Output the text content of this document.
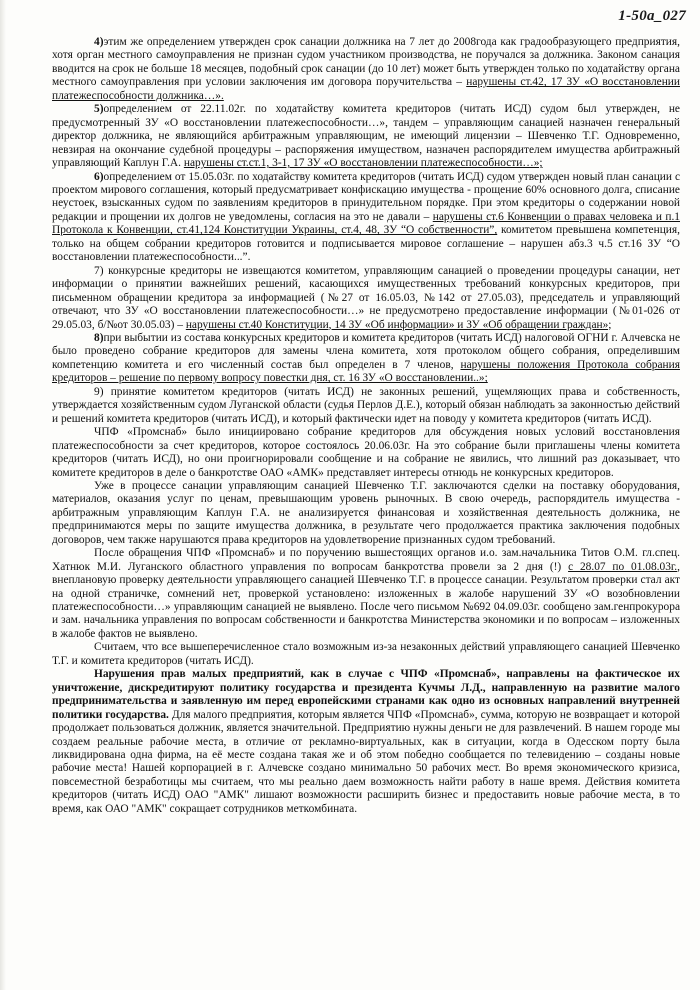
1-50a_027

4)этим же определением утвержден срок санации должника на 7 лет до 2008года как градообразующего предприятия, хотя орган местного самоуправления не признан судом участником производства, не поручался за должника. Законом санация вводится на срок не больше 18 месяцев, подобный срок санации (до 10 лет) может быть утвержден только по ходатайству органа местного самоуправления при условии заключения им договора поручительства – нарушены ст.42, 17 ЗУ «О восстановлении платежеспособности должника…».

5)определением от 22.11.02г. по ходатайству комитета кредиторов (читать ИСД) судом был утвержден, не предусмотренный ЗУ «О восстановлении платежеспособности…», тандем – управляющим санацией назначен генеральный директор должника, не являющийся арбитражным управляющим, не имеющий лицензии – Шевченко Т.Г. Одновременно, невзирая на окончание судебной процедуры – распоряжения имуществом, назначен распорядителем имущества арбитражный управляющий Каплун Г.А. нарушены ст.ст.1, 3-1, 17 ЗУ «О восстановлении платежеспособности…»;

6)определением от 15.05.03г. по ходатайству комитета кредиторов (читать ИСД) судом утвержден новый план санации с проектом мирового соглашения, который предусматривает конфискацию имущества - прощение 60% основного долга, списание неустоек, взысканных судом по заявлениям кредиторов в принудительном порядке. При этом кредиторы о содержании новой редакции и прощении их долгов не уведомлены, согласия на это не давали – нарушены ст.6 Конвенции о правах человека и п.1 Протокола к Конвенции, ст.41,124 Конституции Украины, ст.4, 48, ЗУ “О собственности”, комитетом превышена компетенция, только на общем собрании кредиторов готовится и подписывается мировое соглашение – нарушен абз.3 ч.5 ст.16 ЗУ “О восстановлении платежеспособности...”.

7) конкурсные кредиторы не извещаются комитетом, управляющим санацией о проведении процедуры санации, нет информации о принятии важнейших решений, касающихся имущественных требований конкурсных кредиторов, при письменном обращении кредитора за информацией (№27 от 16.05.03, №142 от 27.05.03), председатель и управляющий отвечают, что ЗУ «О восстановлении платежеспособности…» не предусмотрено предоставление информации (№01-026 от 29.05.03, б/№от 30.05.03) – нарушены ст.40 Конституции, 14 ЗУ «Об информации» и ЗУ «Об обращении граждан»;

8)при выбытии из состава конкурсных кредиторов и комитета кредиторов (читать ИСД) налоговой ОГНИ г. Алчевска не было проведено собрание кредиторов для замены члена комитета, хотя протоколом общего собрания, определившим компетенцию комитета и его численный состав был определен в 7 членов, нарушены положения Протокола собрания кредиторов – решение по первому вопросу повестки дня, ст. 16 ЗУ «О восстановлении..»;

9) принятие комитетом кредиторов (читать ИСД) не законных решений, ущемляющих права и собственность, утверждается хозяйственным судом Луганской области (судья Перлов Д.Е.), который обязан наблюдать за законностью действий и решений комитета кредиторов (читать ИСД), и который фактически идет на поводу у комитета кредиторов (читать ИСД).

ЧПФ «Промснаб» было инициировано собрание кредиторов для обсуждения новых условий восстановления платежеспособности за счет кредиторов, которое состоялось 20.06.03г. На это собрание были приглашены члены комитета кредиторов (читать ИСД), но они проигнорировали сообщение и на собрание не явились, что лишний раз доказывает, что комитете кредиторов в деле о банкротстве ОАО «АМК» представляет интересы отнюдь не конкурсных кредиторов.

Уже в процессе санации управляющим санацией Шевченко Т.Г. заключаются сделки на поставку оборудования, материалов, оказания услуг по ценам, превышающим уровень рыночных. В свою очередь, распорядитель имущества - арбитражным управляющим Каплун Г.А. не анализируется финансовая и хозяйственная деятельность должника, не предпринимаются меры по защите имущества должника, в результате чего продолжается практика заключения подобных договоров, чем также нарушаются права кредиторов на удовлетворение признанных судом требований.

После обращения ЧПФ «Промснаб» и по поручению вышестоящих органов и.о. зам.начальника Титов О.М. гл.спец. Хатнюк М.И. Луганского областного управления по вопросам банкротства провели за 2 дня (!) с 28.07 по 01.08.03г., внеплановую проверку деятельности управляющего санацией Шевченко Т.Г. в процессе санации. Результатом проверки стал акт на одной страничке, сомнений нет, проверкой установлено: изложенных в жалобе нарушений ЗУ «О возобновлении платежеспособности…» управляющим санацией не выявлено. После чего письмом №692 04.09.03г. сообщено зам.генпрокурора и зам. начальника управления по вопросам собственности и банкротства Министерства экономики и по вопросам – изложенных в жалобе фактов не выявлено.

Считаем, что все вышеперечисленное стало возможным из-за незаконных действий управляющего санацией Шевченко Т.Г. и комитета кредиторов (читать ИСД).

Нарушения прав малых предприятий, как в случае с ЧПФ «Промснаб», направлены на фактическое их уничтожение, дискредитируют политику государства и президента Кучмы Л.Д., направленную на развитие малого предпринимательства и заявленную им перед европейскими странами как одно из основных направлений внутренней политики государства. Для малого предприятия, которым является ЧПФ «Промснаб», сумма, которую не возвращает и которой продолжает пользоваться должник, является значительной. Предприятию нужны деньги не для развлечений. В нашем городе мы создаем реальные рабочие места, в отличие от рекламно-виртуальных, как в ситуации, когда в Одесском порту была ликвидирована одна фирма, на её месте создана такая же и об этом победно сообщается по телевидению – созданы новые рабочие места! Нашей корпорацией в г. Алчевске создано минимально 50 рабочих мест. Во время экономического кризиса, повсеместной безработицы мы считаем, что мы реально даем возможность найти работу в наше время. Действия комитета кредиторов (читать ИСД) ОАО "АМК" лишают возможности расширить бизнес и предоставить новые рабочие места, в то время, как ОАО "АМК" сокращает сотрудников меткомбината.
